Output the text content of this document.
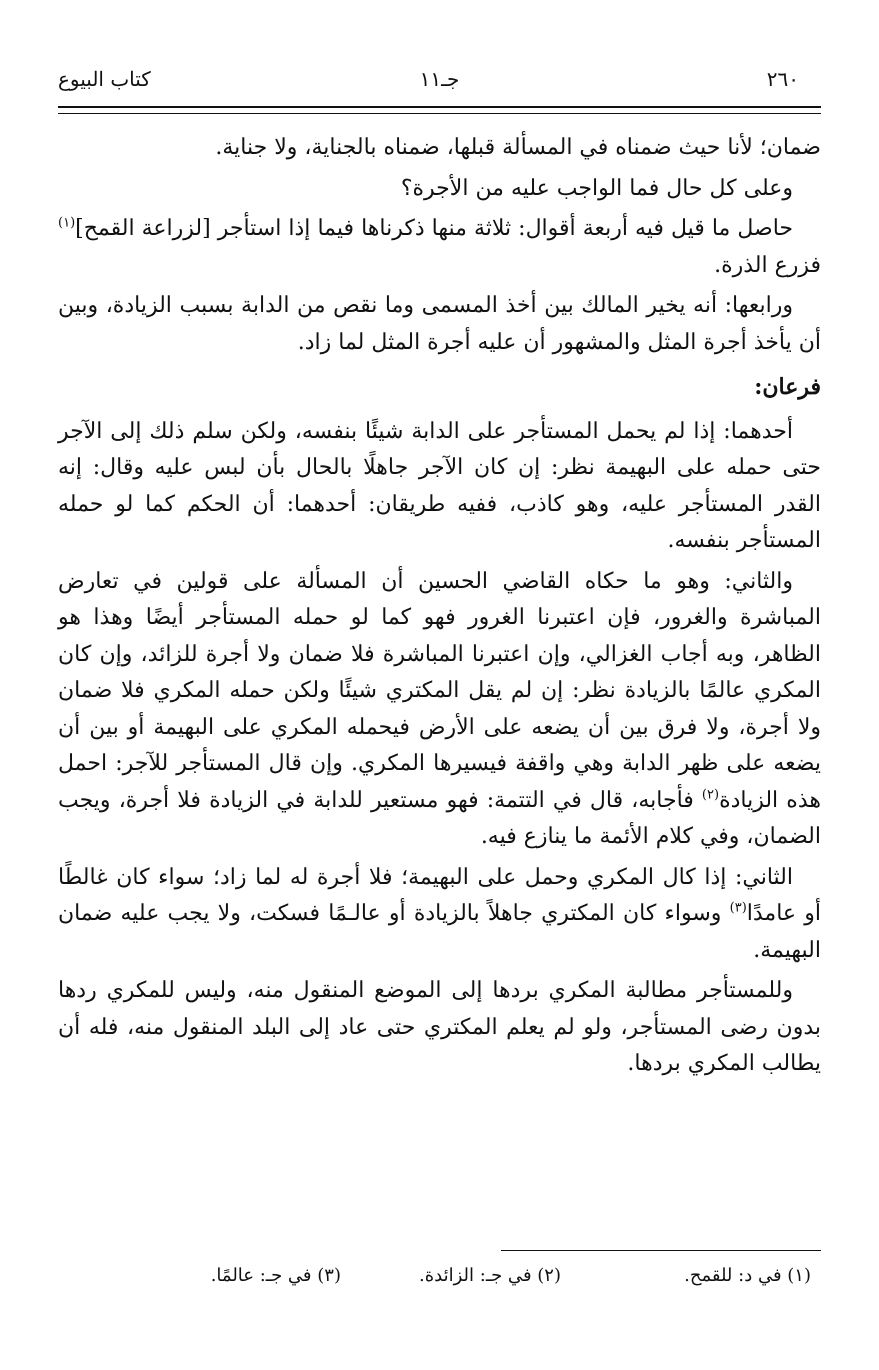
٢٦٠
جـ١١
كتاب البيوع

ضمان؛ لأنا حيث ضمناه في المسألة قبلها، ضمناه بالجناية، ولا جناية.

وعلى كل حال فما الواجب عليه من الأجرة؟

حاصل ما قيل فيه أربعة أقوال: ثلاثة منها ذكرناها فيما إذا استأجر [لزراعة القمح]$^{(١)}$ فزرع الذرة.

ورابعها: أنه يخير المالك بين أخذ المسمى وما نقص من الدابة بسبب الزيادة، وبين أن يأخذ أجرة المثل والمشهور أن عليه أجرة المثل لما زاد.

فرعان:

أحدهما: إذا لم يحمل المستأجر على الدابة شيئًا بنفسه، ولكن سلم ذلك إلى الآجر حتى حمله على البهيمة نظر: إن كان الآجر جاهلًا بالحال بأن لبس عليه وقال: إنه القدر المستأجر عليه، وهو كاذب، ففيه طريقان: أحدهما: أن الحكم كما لو حمله المستأجر بنفسه.

والثاني: وهو ما حكاه القاضي الحسين أن المسألة على قولين في تعارض المباشرة والغرور، فإن اعتبرنا الغرور فهو كما لو حمله المستأجر أيضًا وهذا هو الظاهر، وبه أجاب الغزالي، وإن اعتبرنا المباشرة فلا ضمان ولا أجرة للزائد، وإن كان المكري عالمًا بالزيادة نظر: إن لم يقل المكتري شيئًا ولكن حمله المكري فلا ضمان ولا أجرة، ولا فرق بين أن يضعه على الأرض فيحمله المكري على البهيمة أو بين أن يضعه على ظهر الدابة وهي واقفة فيسيرها المكري. وإن قال المستأجر للآجر: احمل هذه الزيادة$^{(٢)}$ فأجابه، قال في التتمة: فهو مستعير للدابة في الزيادة فلا أجرة، ويجب الضمان، وفي كلام الأئمة ما ينازع فيه.

الثاني: إذا كال المكري وحمل على البهيمة؛ فلا أجرة له لما زاد؛ سواء كان غالطًا أو عامدًا$^{(٣)}$ وسواء كان المكتري جاهلاً بالزيادة أو عالـمًا فسكت، ولا يجب عليه ضمان البهيمة.

وللمستأجر مطالبة المكري بردها إلى الموضع المنقول منه، وليس للمكري ردها بدون رضى المستأجر، ولو لم يعلم المكتري حتى عاد إلى البلد المنقول منه، فله أن يطالب المكري بردها.

(١) في د: للقمح.
(٢) في جـ: الزائدة.
(٣) في جـ: عالمًا.
